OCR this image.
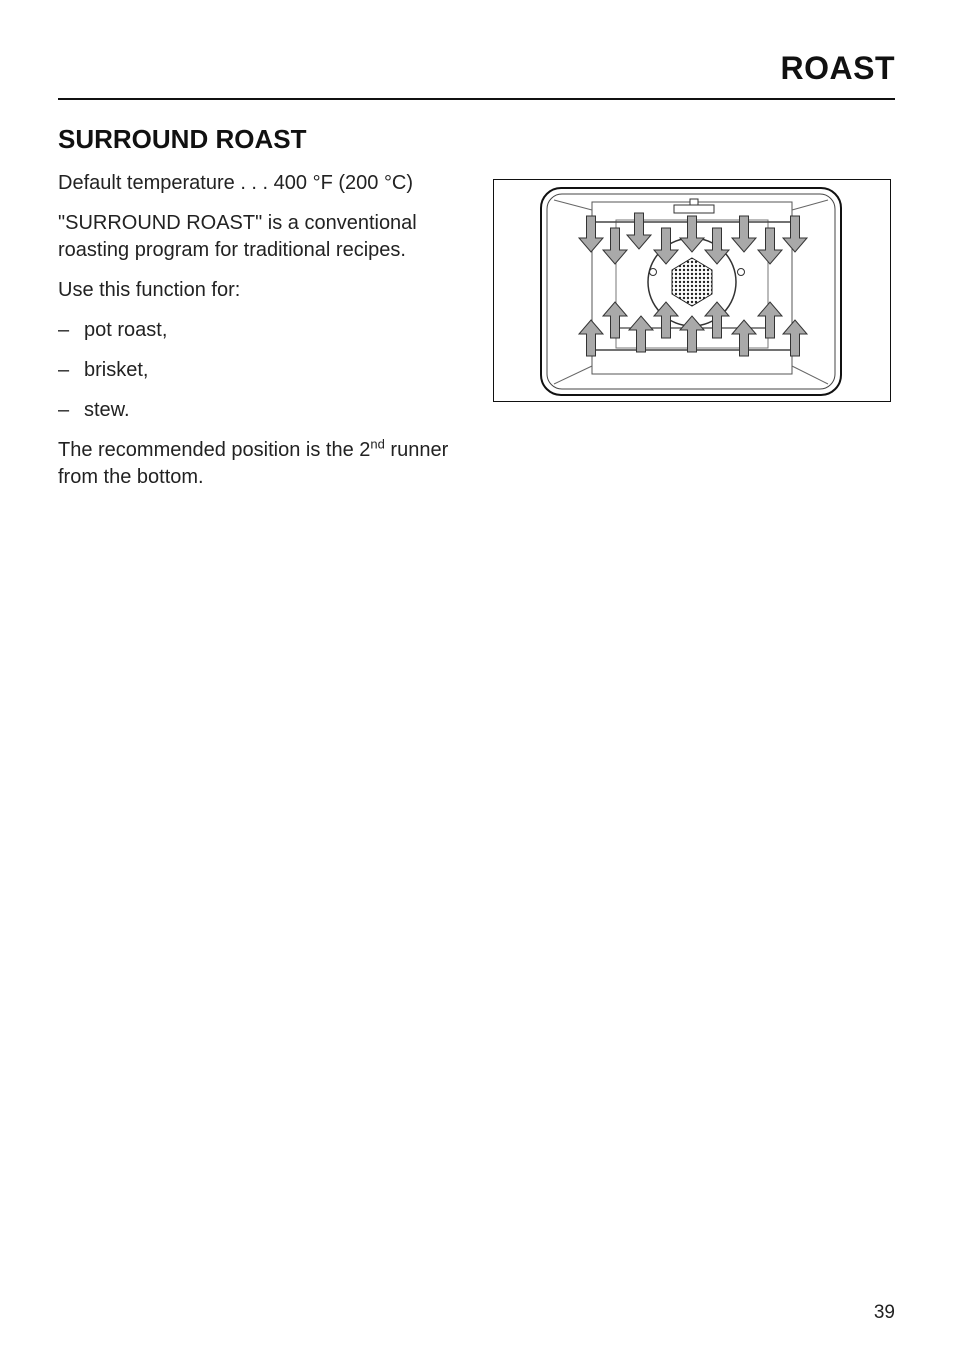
ROAST
SURROUND ROAST

Default temperature . . . 400 °F (200 °C)

"SURROUND ROAST" is a conventional roasting program for traditional recipes.

Use this function for:

– pot roast,
– brisket,
– stew.

The recommended position is the 2nd runner from the bottom.

39
